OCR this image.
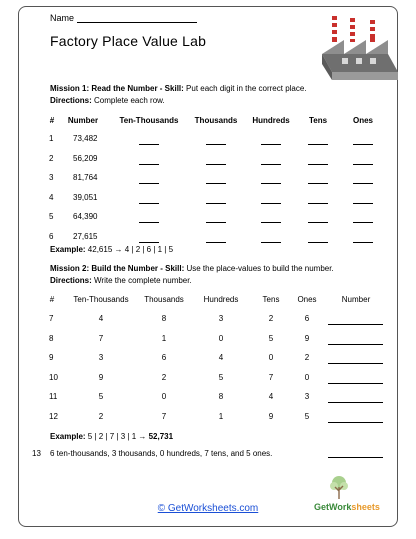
Name
Factory Place Value Lab
Mission 1: Read the Number - Skill: Put each digit in the correct place.
Directions: Complete each row.
# Number	Ten-Thousands Thousands Hundreds Tens	Ones
1 73,482
2 56,209
3 81,764
4 39,051
5 64,390
6 27,615
Example: 42,615 → 4 | 2 | 6 | 1 | 5
Mission 2: Build the Number - Skill: Use the place-values to build the number.
Directions: Write the complete number.
# Ten-Thousands Thousands Hundreds	Tens Ones	Number
7	4	8	3	2	6
8	7	1	0	5	9
9	3	6	4	0	2
10	9	2	5	7	0
11	5	0	8	4	3
12	2	7	1	9	5
Example: 5 | 2 | 7 | 3 | 1 → 52,731
13 6 ten-thousands, 3 thousands, 0 hundreds, 7 tens, and 5 ones.
GetWorksheets
© GetWorksheets.com
